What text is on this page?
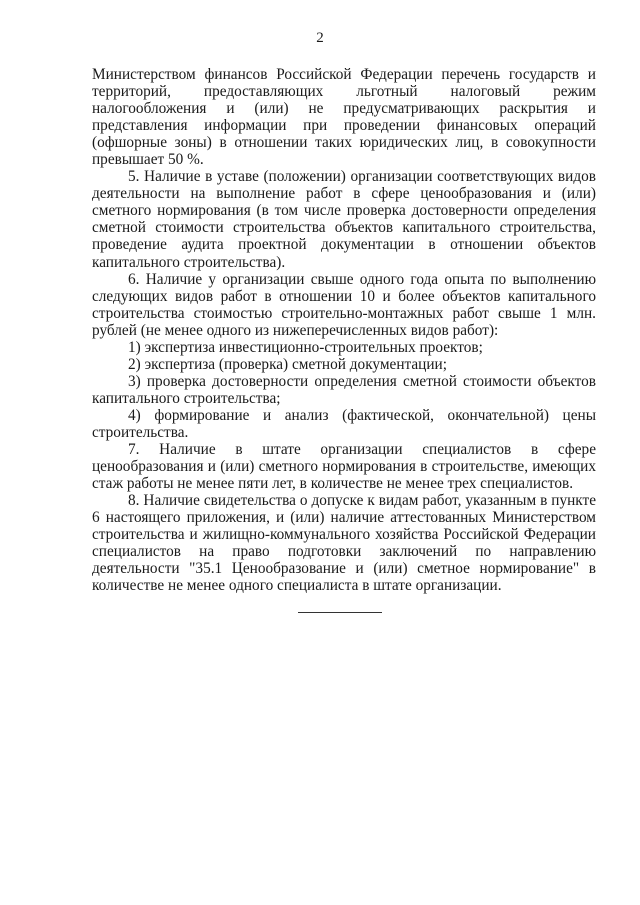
2

Министерством финансов Российской Федерации перечень государств и территорий, предоставляющих льготный налоговый режим налогообложения и (или) не предусматривающих раскрытия и представления информации при проведении финансовых операций (офшорные зоны) в отношении таких юридических лиц, в совокупности превышает 50 %.

5. Наличие в уставе (положении) организации соответствующих видов деятельности на выполнение работ в сфере ценообразования и (или) сметного нормирования (в том числе проверка достоверности определения сметной стоимости строительства объектов капитального строительства, проведение аудита проектной документации в отношении объектов капитального строительства).

6. Наличие у организации свыше одного года опыта по выполнению следующих видов работ в отношении 10 и более объектов капитального строительства стоимостью строительно-монтажных работ свыше 1 млн. рублей (не менее одного из нижеперечисленных видов работ):

1) экспертиза инвестиционно-строительных проектов;

2) экспертиза (проверка) сметной документации;

3) проверка достоверности определения сметной стоимости объектов капитального строительства;

4) формирование и анализ (фактической, окончательной) цены строительства.

7. Наличие в штате организации специалистов в сфере ценообразования и (или) сметного нормирования в строительстве, имеющих стаж работы не менее пяти лет, в количестве не менее трех специалистов.

8. Наличие свидетельства о допуске к видам работ, указанным в пункте 6 настоящего приложения, и (или) наличие аттестованных Министерством строительства и жилищно-коммунального хозяйства Российской Федерации специалистов на право подготовки заключений по направлению деятельности "35.1 Ценообразование и (или) сметное нормирование" в количестве не менее одного специалиста в штате организации.
